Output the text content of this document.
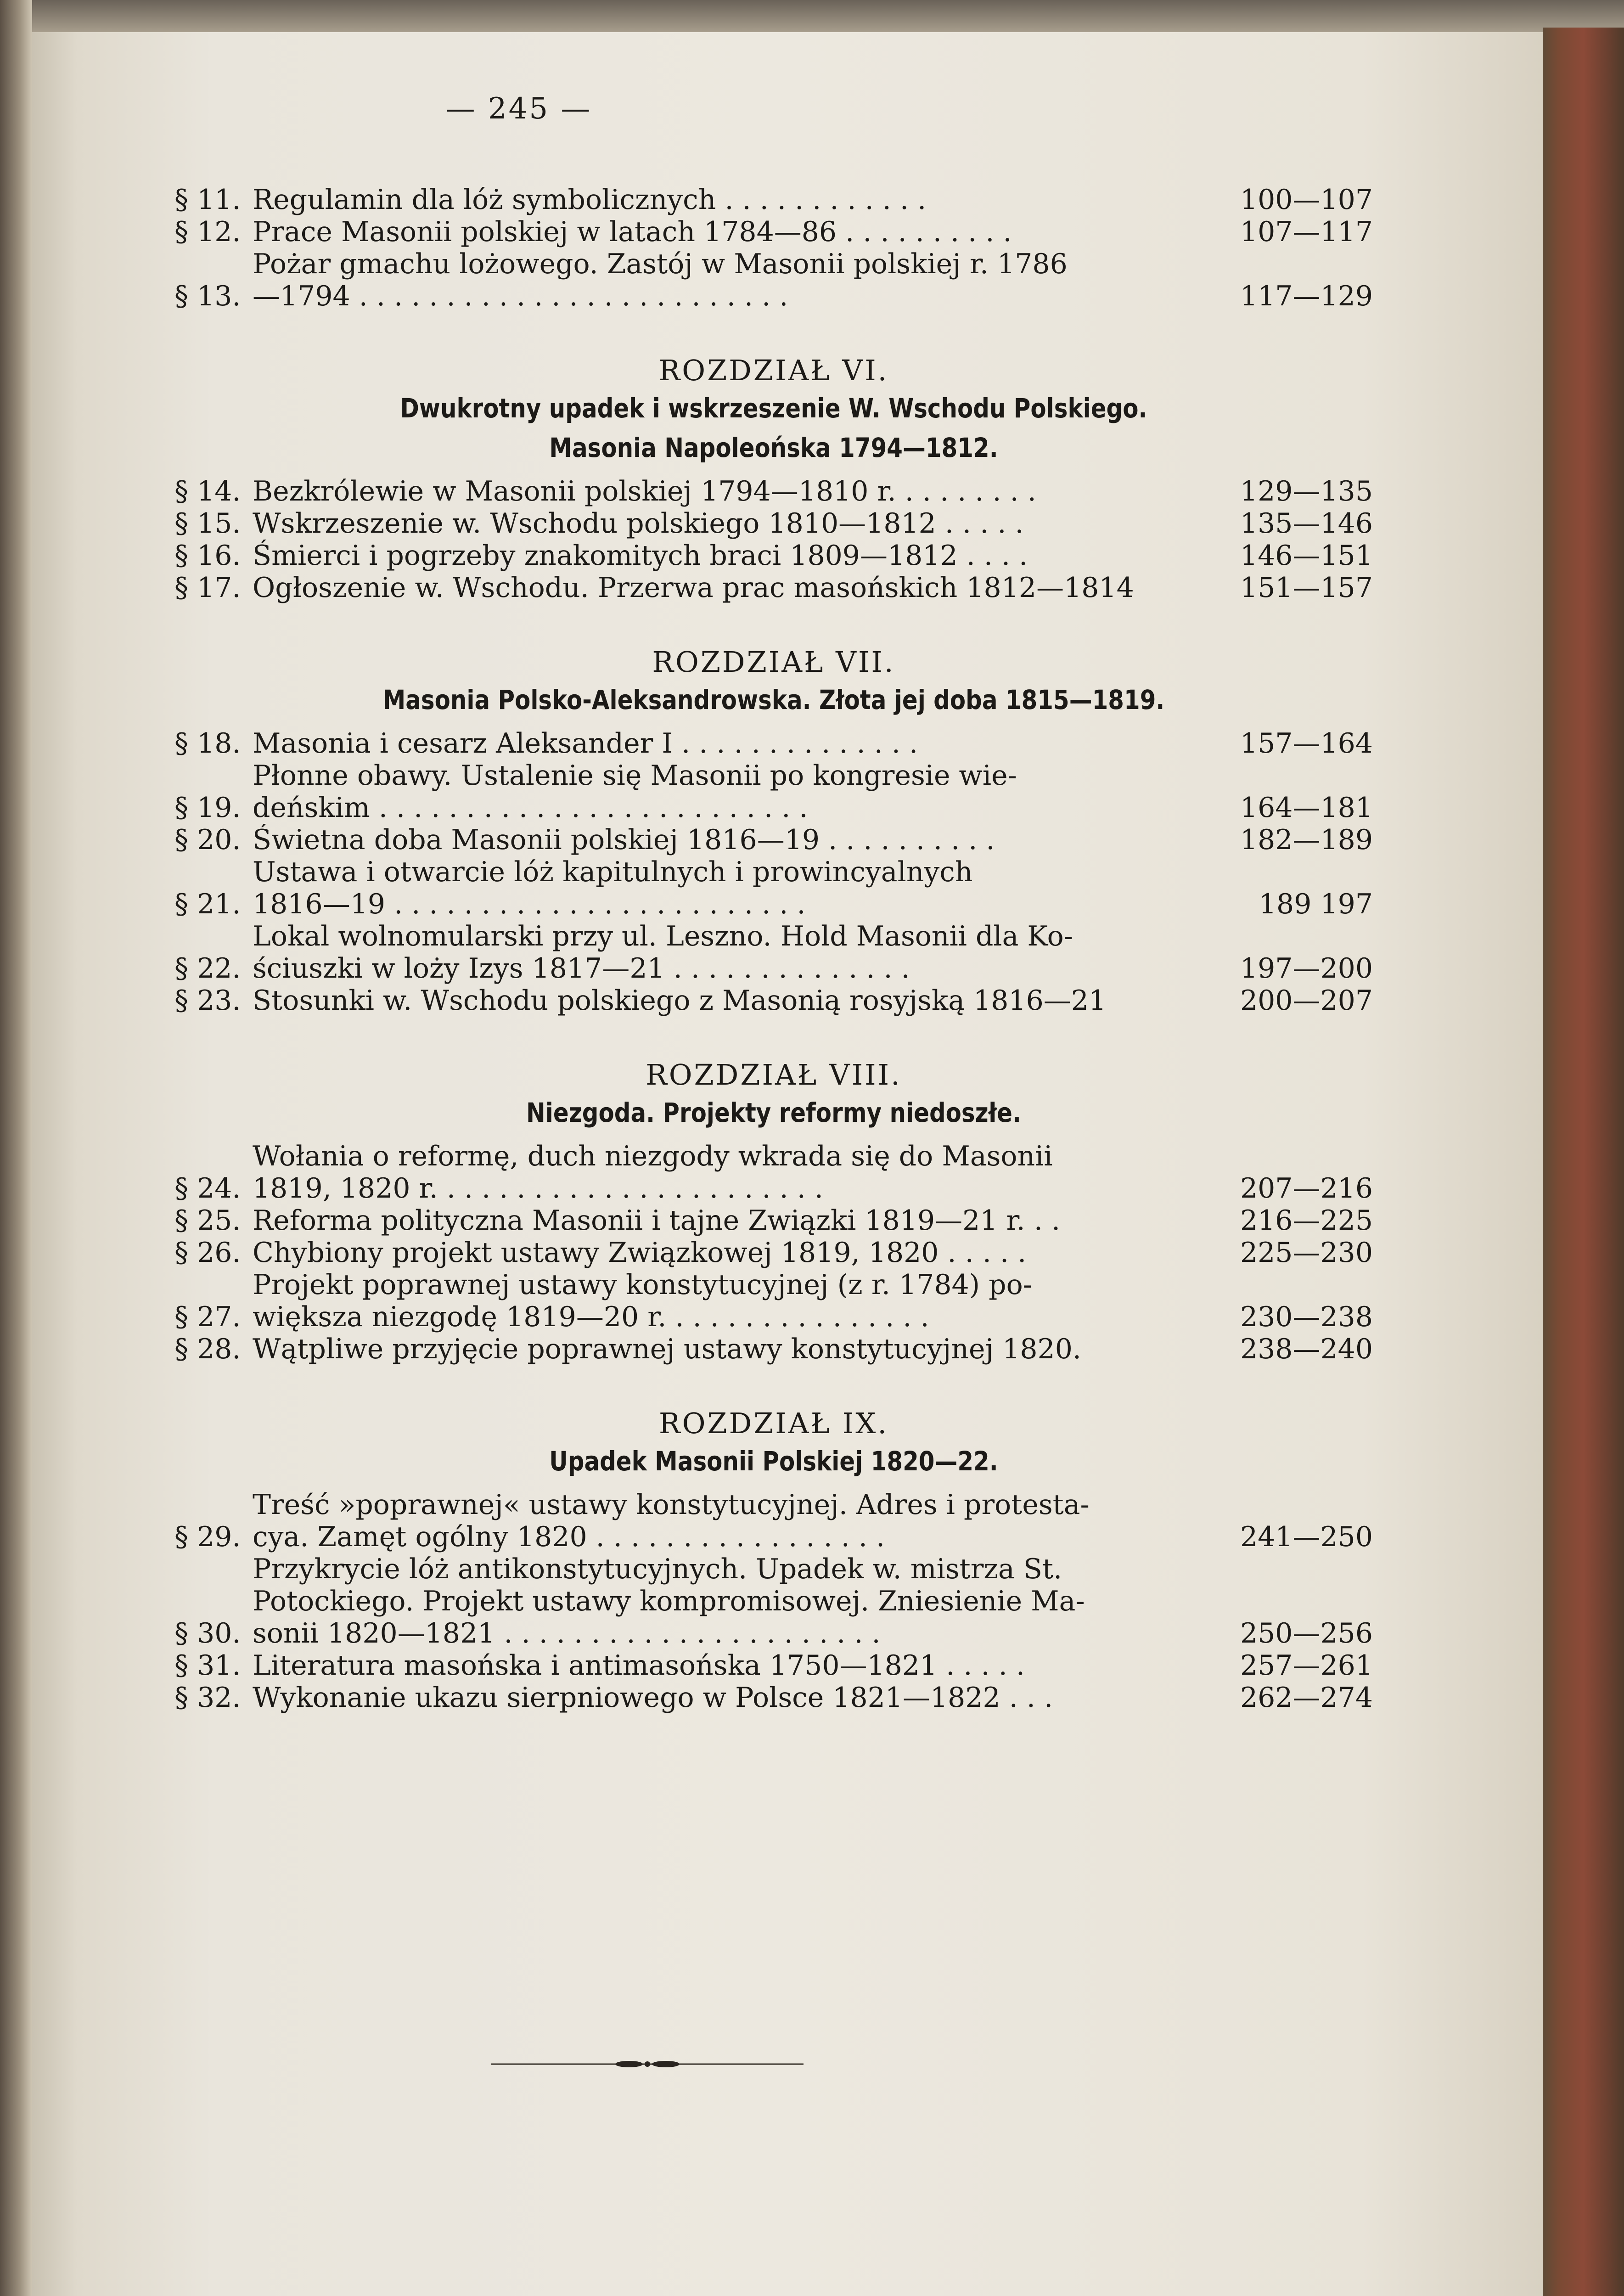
— 245 —
§ 11. Regulamin dla lóż symbolicznych . . . . . . . . . . . .	100—107
§ 12. Prace Masonii polskiej w latach 1784—86 . . . . . . . . . .	107—117
§ 13.
Pożar gmachu lożowego. Zastój w Masonii polskiej r. 1786
—1794 . . . . . . . . . . . . . . . . . . . . . . . . .	117—129
ROZDZIAŁ VI.
Dwukrotny upadek i wskrzeszenie W. Wschodu Polskiego.
Masonia Napoleońska 1794—1812.
§ 14. Bezkrólewie w Masonii polskiej 1794—1810 r. . . . . . . . .	129—135
§ 15. Wskrzeszenie w. Wschodu polskiego 1810—1812 . . . . .	135—146
§ 16. Śmierci i pogrzeby znakomitych braci 1809—1812 . . . .	146—151
§ 17. Ogłoszenie w. Wschodu. Przerwa prac masońskich 1812—1814	151—157
ROZDZIAŁ VII.
Masonia Polsko-Aleksandrowska. Złota jej doba 1815—1819.
§ 18. Masonia i cesarz Aleksander I . . . . . . . . . . . . . .	157—164
§ 19.
Płonne obawy. Ustalenie się Masonii po kongresie wie-
deńskim . . . . . . . . . . . . . . . . . . . . . . . . .	164—181
§ 20. Świetna doba Masonii polskiej 1816—19 . . . . . . . . . .	182—189
§ 21.
Ustawa i otwarcie lóż kapitulnych i prowincyalnych
1816—19 . . . . . . . . . . . . . . . . . . . . . . . .	189 197
§ 22.
Lokal wolnomularski przy ul. Leszno. Hold Masonii dla Ko-
ściuszki w loży Izys 1817—21 . . . . . . . . . . . . . .	197—200
§ 23. Stosunki w. Wschodu polskiego z Masonią rosyjską 1816—21	200—207
ROZDZIAŁ VIII.
Niezgoda. Projekty reformy niedoszłe.
§ 24.
Wołania o reformę, duch niezgody wkrada się do Masonii
1819, 1820 r. . . . . . . . . . . . . . . . . . . . . . .	207—216
§ 25. Reforma polityczna Masonii i tajne Związki 1819—21 r. . .	216—225
§ 26. Chybiony projekt ustawy Związkowej 1819, 1820 . . . . .	225—230
§ 27.
Projekt poprawnej ustawy konstytucyjnej (z r. 1784) po-
większa niezgodę 1819—20 r. . . . . . . . . . . . . . . .	230—238
§ 28. Wątpliwe przyjęcie poprawnej ustawy konstytucyjnej 1820.	238—240
ROZDZIAŁ IX.
Upadek Masonii Polskiej 1820—22.
§ 29.
Treść »poprawnej« ustawy konstytucyjnej. Adres i protesta-
cya. Zamęt ogólny 1820 . . . . . . . . . . . . . . . . .	241—250
§ 30.
Przykrycie lóż antikonstytucyjnych. Upadek w. mistrza St.
Potockiego. Projekt ustawy kompromisowej. Zniesienie Ma-
sonii 1820—1821 . . . . . . . . . . . . . . . . . . . . . .	250—256
§ 31. Literatura masońska i antimasońska 1750—1821 . . . . .	257—261
§ 32. Wykonanie ukazu sierpniowego w Polsce 1821—1822 . . .	262—274
